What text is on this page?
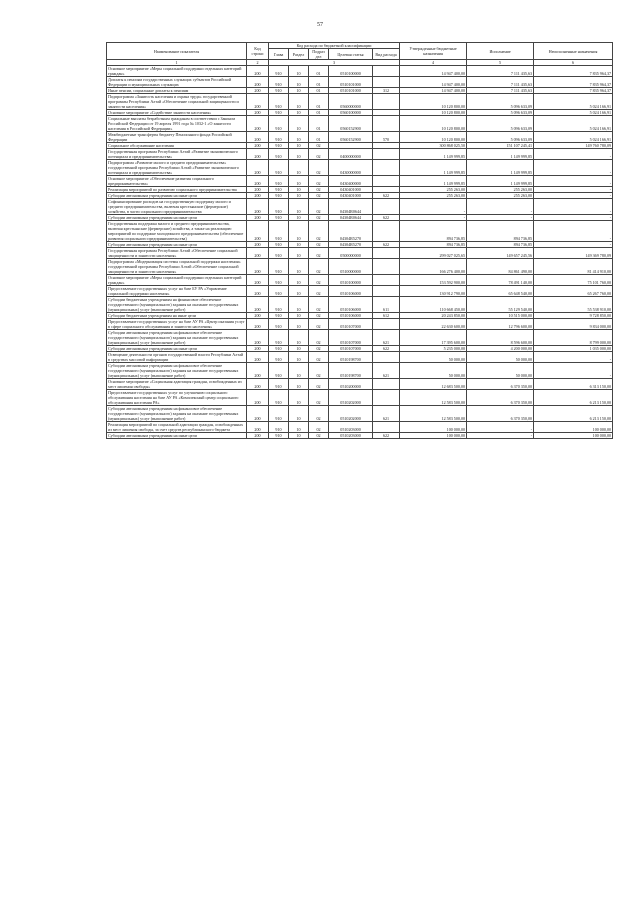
57
Наименование показателя	Код строки	Код расхода по бюджетной классификации					Утвержденные бюджетные назначения	Исполнение	Неисполненные назначения
		Глава	Раздел	Подраз дел	Целевая статья	Вид расхода			
1	2	3					4	5	6
Основное мероприятие «Меры социальной поддержки отдельных категорий граждан»	200	910	10	01	0510100000		14 947 400,00	7 111 435,63	7 835 964,37
Доплаты к пенсиям государственных служащих субъектов Российской Федерации и муниципальных служащих	200	910	10	01	0510101000		14 947 400,00	7 111 435,63	7 835 964,37
Иные пенсии, социальные доплаты к пенсиям	200	910	10	01	0510101000	312	14 947 400,00	7 111 435,63	7 835 964,37
Подпрограмма «Занятость населения и охрана труда» государственной программы Республики Алтай «Обеспечение социальной защищенности и занятости населения»	200	910	10	01	0560000000		10 120 800,00	5 096 633,09	5 024 166,91
Основное мероприятие «Содействие занятости населения»	200	910	10	01	0560100000		10 120 800,00	5 096 633,09	5 024 166,91
Социальные выплаты безработным гражданам в соответствии с Законом Российской Федерации от 19 апреля 1991 года № 1032-1 «О занятости населения в Российской Федерации»	200	910	10	01	0560152900		10 120 800,00	5 096 633,09	5 024 166,91
Межбюджетные трансферты бюджету Пенсионного фонда Российской Федерации	200	910	10	01	0560152900	570	10 120 800,00	5 096 633,09	5 024 166,91
Социальное обслуживание населения	200	910	10	02			300 868 025,50	151 107 245,41	149 760 780,09
Государственная программа Республики Алтай «Развитие экономического потенциала и предпринимательства»	200	910	10	02	0400000000		1 149 999,85	1 149 999,85	-
Подпрограмма «Развитие малого и среднего предпринимательства» государственной программы Республики Алтай «Развитие экономического потенциала и предпринимательства»	200	910	10	02	0430000000		1 149 999,85	1 149 999,85	-
Основное мероприятие «Обеспечение развития социального предпринимательства»	200	910	10	02	0430400000		1 149 999,85	1 149 999,85	-
Реализация мероприятий по развитию социального предпринимательства	200	910	10	02	0430401000		255 263,00	255 263,00	-
Субсидии автономным учреждениям на иные цели	200	910	10	02	0430401000	622	255 263,00	255 263,00	-
Софинансирование расходов на государственную поддержку малого и среднего предпринимательства, включая крестьянские (фермерские) хозяйства, в части социального предпринимательства	200	910	10	02	04304R0644		-	-	-
Субсидии автономным учреждениям на иные цели	200	910	10	02	04304R0644	622	-	-	-
Государственная поддержка малого и среднего предпринимательства, включая крестьянские (фермерские) хозяйства, а также на реализацию мероприятий по поддержке молодежного предпринимательства (обеспечение развития социального предпринимательства)	200	910	10	02	04304R5270		894 736,85	894 736,85	-
Субсидии автономным учреждениям на иные цели	200	910	10	02	04304R5270	622	894 736,85	894 736,85	-
Государственная программа Республики Алтай «Обеспечение социальной защищенности и занятости населения»	200	910	10	02	0500000000		299 027 025,65	149 657 245,56	149 369 780,09
Подпрограмма «Модернизация системы социальной поддержки населения» государственной программы Республики Алтай «Обеспечение социальной защищенности и занятости населения»	200	910	10	02	0510000000		166 276 400,00	84 861 490,00	81 414 910,00
Основное мероприятие «Меры социальной поддержки отдельных категорий граждан»	200	910	10	02	0510100000		153 592 900,00	78 491 140,00	75 101 760,00
Предоставление государственных услуг на базе БУ РА «Управление социальной поддержки населения»	200	910	10	02	0510106000		130 912 790,00	65 648 540,00	65 267 760,00
Субсидии бюджетным учреждениям на финансовое обеспечение государственного (муниципального) задания на оказание государственных (муниципальных) услуг (выполнение работ)	200	910	10	02	0510106000	611	110 668 450,00	55 129 540,00	55 538 910,00
Субсидии бюджетным учреждениям на иные цели	200	910	10	02	0510106000	612	20 243 850,00	10 515 000,00	9 728 850,00
Предоставление государственных услуг на базе АУ РА «Центр оказания услуг в сфере социального обслуживания и занятости населения»	200	910	10	02	0510107000		22 630 600,00	12 796 600,00	9 834 000,00
Субсидии автономным учреждениям на финансовое обеспечение государственного (муниципального) задания на оказание государственных (муниципальных) услуг (выполнение работ)	200	910	10	02	0510107000	621	17 395 600,00	8 596 600,00	8 799 000,00
Субсидии автономным учреждениям на иные цели	200	910	10	02	0510107000	622	5 235 000,00	4 200 000,00	1 035 000,00
Освещение деятельности органов государственной власти Республики Алтай в средствах массовой информации	200	910	10	02	0510198700		50 000,00	50 000,00	-
Субсидии автономным учреждениям на финансовое обеспечение государственного (муниципального) задания на оказание государственных (муниципальных) услуг (выполнение работ)	200	910	10	02	0510198700	621	50 000,00	50 000,00	-
Основное мероприятие «Социальная адаптация граждан, освобожденных из мест лишения свободы»	200	910	10	02	0510200000		12 683 500,00	6 370 350,00	6 313 150,00
Предоставление государственных услуг по улучшению социального обслуживания населения на базе АУ РА «Комплексный центр социального обслуживания населения РА»	200	910	10	02	0510202000		12 583 500,00	6 370 350,00	6 213 150,00
Субсидии автономным учреждениям на финансовое обеспечение государственного (муниципального) задания на оказание государственных (муниципальных) услуг (выполнение работ)	200	910	10	02	0510202000	621	12 583 500,00	6 370 350,00	6 213 150,00
Реализация мероприятий по социальной адаптации граждан, освобожденных из мест лишения свободы, за счет средств республиканского бюджета	200	910	10	02	0510203000		100 000,00	-	100 000,00
Субсидии автономным учреждениям на иные цели	200	910	10	02	0510203000	622	100 000,00	-	100 000,00
